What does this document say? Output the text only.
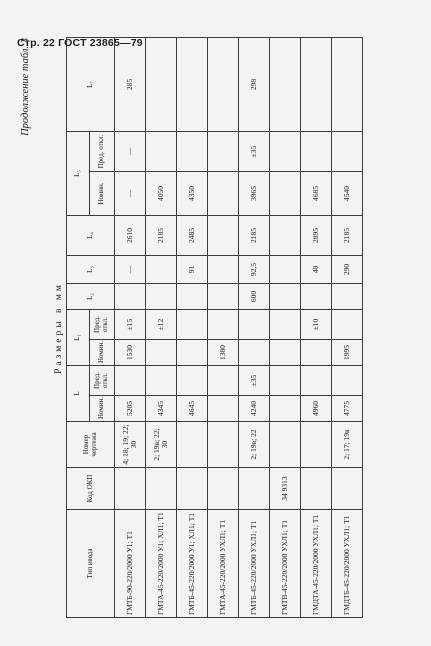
Стр. 22 ГОСТ 23865—79
Продолжение табл. 3
Размеры в мм
Тип ввода	Код ОКП	Номер чертежа	L		L₁		L₂	L₃	L₄	L₅		L₇
			Номин.	Пред. откл.	Номин.	Пред. откл.				Номин.	Пред. откл.	
ГМТБ-90-220/2000 У1; Т1		4; 18; 19; 22; 30	5205		1530	±15		—	2610	—	—	285
ГМТА-45-220/2000 У1; ХЛ1; Т1		2; 19в; 22; 30	4345			±12			2185	4050		
ГМТБ-45-220/2000 У1; ХЛ1; Т1			4645					91	2485	4350		
ГМТА-45-220/2000 УХЛ1; Т1					1380							
ГМТБ-45-220/2000 УХЛ1; Т1		2; 19в; 22	4240	±35			600	92,5	2185	3965	±35	298
ГМТВ-45-220/2000 УХЛ1; Т1	34 9313											
ГМДТА-45-220/2000 УХЛ1; Т1			4960			±10		40	2895	4685		
ГМДТБ-45-220/2000 УХЛ1; Т1		2; 17; 19в	4775		1995			290	2185	4540		
